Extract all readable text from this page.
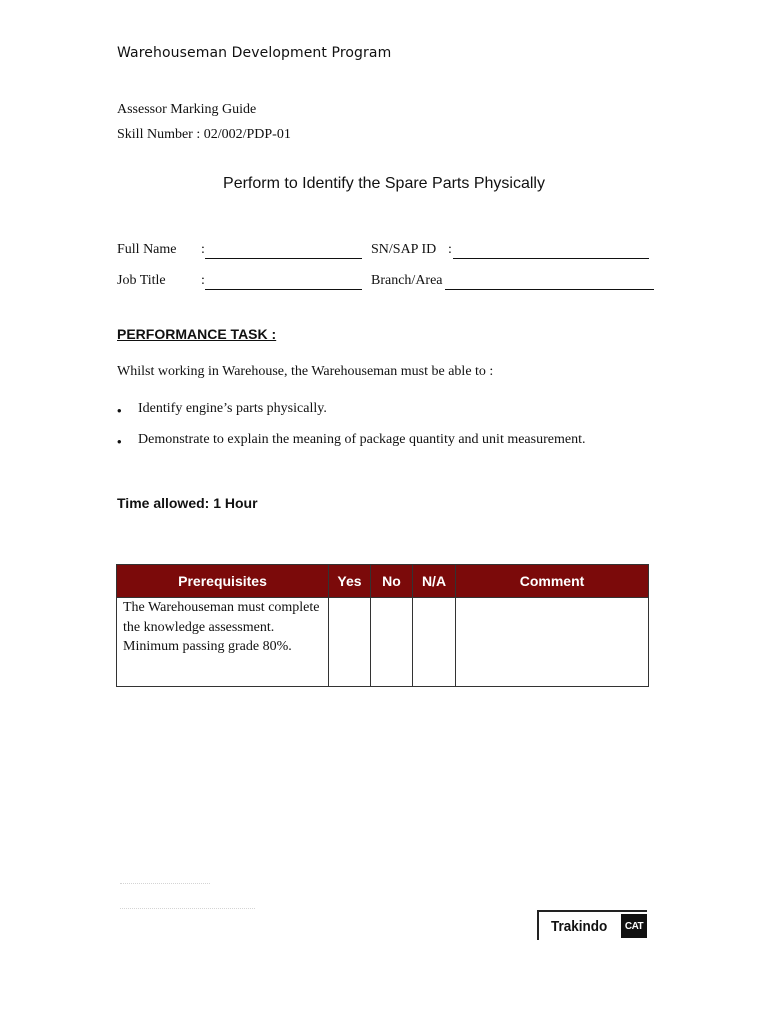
Warehouseman Development Program
Assessor Marking Guide
Skill Number : 02/002/PDP-01
Perform to Identify the Spare Parts Physically
Full Name :	SN/SAP ID :
Job Title	:	Branch/Area
PERFORMANCE TASK :
Whilst working in Warehouse, the Warehouseman must be able to :
• Identify engine’s parts physically.
• Demonstrate to explain the meaning of package quantity and unit measurement.
Time allowed: 1 Hour
Prerequisites	Yes	No	N/A	Comment
The Warehouseman must complete the knowledge assessment. Minimum passing grade 80%.				
Trakindo	CAT
